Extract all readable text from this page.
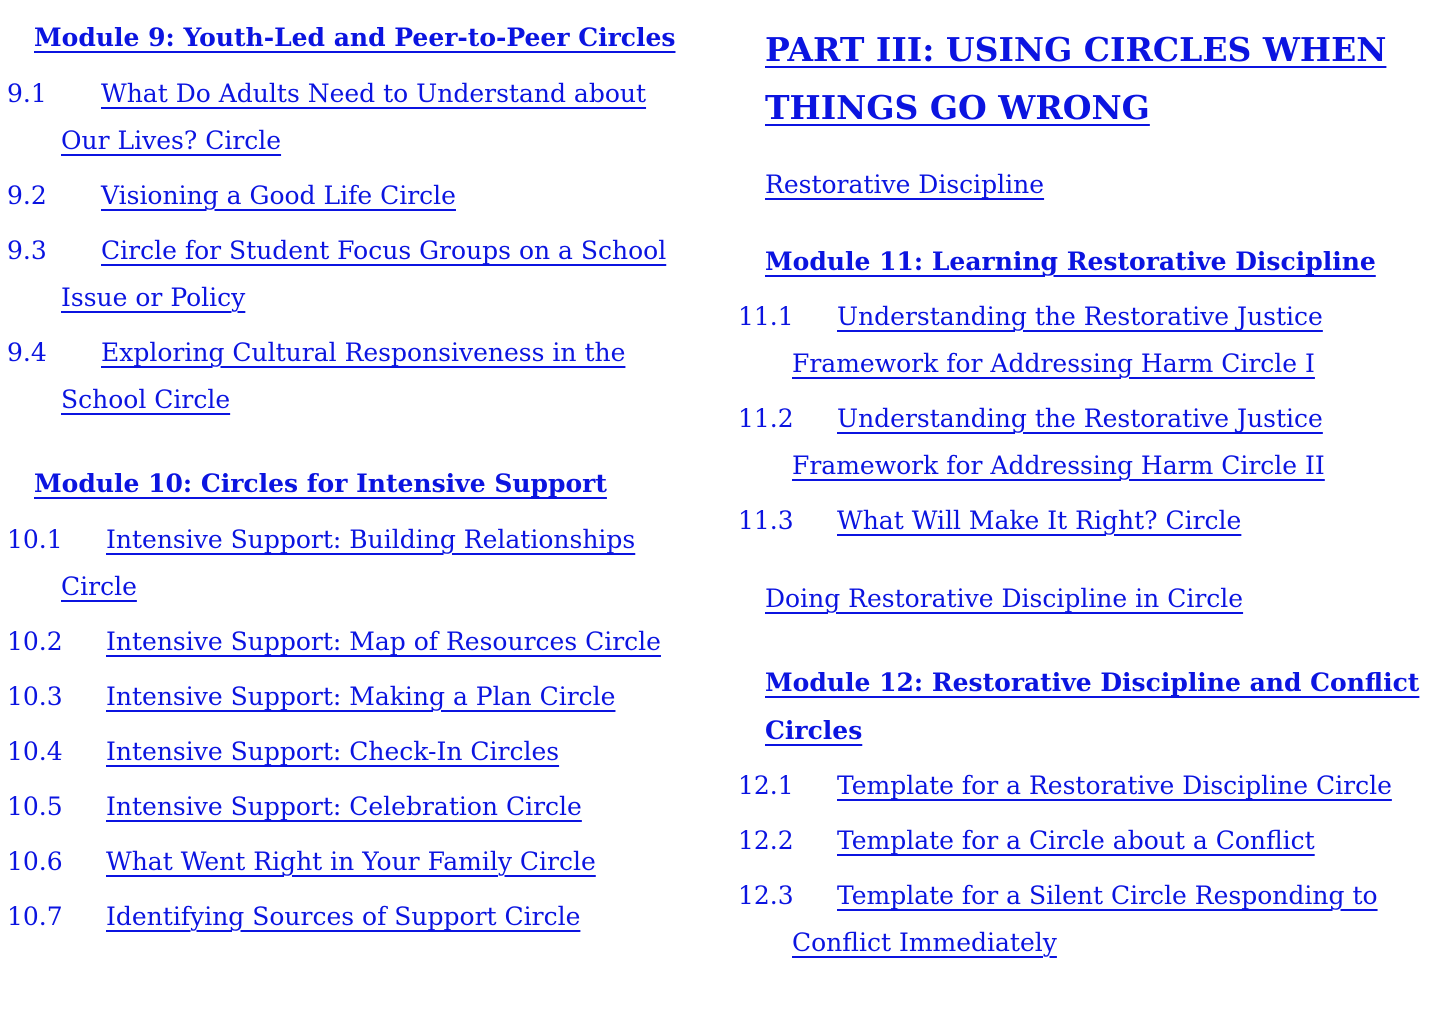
Module 9: Youth-Led and Peer-to-Peer Circles
9.1 What Do Adults Need to Understand about
Our Lives? Circle
9.2 Visioning a Good Life Circle
9.3 Circle for Student Focus Groups on a School
Issue or Policy
9.4 Exploring Cultural Responsiveness in the
School Circle
Module 10: Circles for Intensive Support
10.1 Intensive Support: Building Relationships
Circle
10.2 Intensive Support: Map of Resources Circle
10.3 Intensive Support: Making a Plan Circle
10.4 Intensive Support: Check-In Circles
10.5 Intensive Support: Celebration Circle
10.6 What Went Right in Your Family Circle
10.7 Identifying Sources of Support Circle
PART III: USING CIRCLES WHEN
THINGS GO WRONG
Restorative Discipline
Module 11: Learning Restorative Discipline
11.1 Understanding the Restorative Justice
Framework for Addressing Harm Circle I
11.2 Understanding the Restorative Justice
Framework for Addressing Harm Circle II
11.3 What Will Make It Right? Circle
Doing Restorative Discipline in Circle
Module 12: Restorative Discipline and Conflict
Circles
12.1 Template for a Restorative Discipline Circle
12.2 Template for a Circle about a Conflict
12.3 Template for a Silent Circle Responding to
Conflict Immediately
